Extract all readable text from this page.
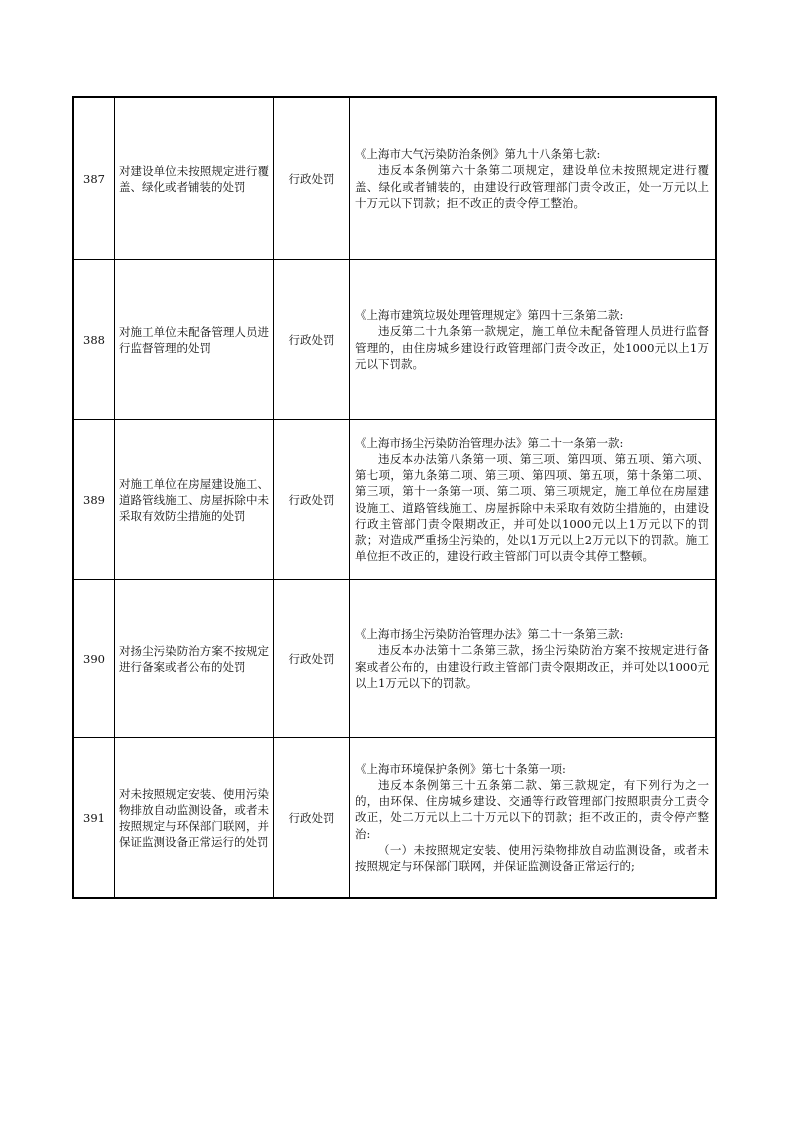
387	对建设单位未按照规定进行覆盖、绿化或者铺装的处罚	行政处罚	《上海市大气污染防治条例》第九十八条第七款:
违反本条例第六十条第二项规定，建设单位未按照规定进行覆盖、绿化或者铺装的，由建设行政管理部门责令改正，处一万元以上十万元以下罚款；拒不改正的责令停工整治。

388	对施工单位未配备管理人员进行监督管理的处罚	行政处罚	《上海市建筑垃圾处理管理规定》第四十三条第二款:
违反第二十九条第一款规定，施工单位未配备管理人员进行监督管理的，由住房城乡建设行政管理部门责令改正，处1000元以上1万元以下罚款。

389	对施工单位在房屋建设施工、道路管线施工、房屋拆除中未采取有效防尘措施的处罚	行政处罚	《上海市扬尘污染防治管理办法》第二十一条第一款:
违反本办法第八条第一项、第三项、第四项、第五项、第六项、第七项，第九条第二项、第三项、第四项、第五项，第十条第二项、第三项，第十一条第一项、第二项、第三项规定，施工单位在房屋建设施工、道路管线施工、房屋拆除中未采取有效防尘措施的，由建设行政主管部门责令限期改正，并可处以1000元以上1万元以下的罚款；对造成严重扬尘污染的，处以1万元以上2万元以下的罚款。施工单位拒不改正的，建设行政主管部门可以责令其停工整顿。

390	对扬尘污染防治方案不按规定进行备案或者公布的处罚	行政处罚	《上海市扬尘污染防治管理办法》第二十一条第三款:
违反本办法第十二条第三款，扬尘污染防治方案不按规定进行备案或者公布的，由建设行政主管部门责令限期改正，并可处以1000元以上1万元以下的罚款。

391	对未按照规定安装、使用污染物排放自动监测设备，或者未按照规定与环保部门联网，并保证监测设备正常运行的处罚	行政处罚	《上海市环境保护条例》第七十条第一项:
违反本条例第三十五条第二款、第三款规定，有下列行为之一的，由环保、住房城乡建设、交通等行政管理部门按照职责分工责令改正，处二万元以上二十万元以下的罚款；拒不改正的，责令停产整治:
（一）未按照规定安装、使用污染物排放自动监测设备，或者未按照规定与环保部门联网，并保证监测设备正常运行的;
